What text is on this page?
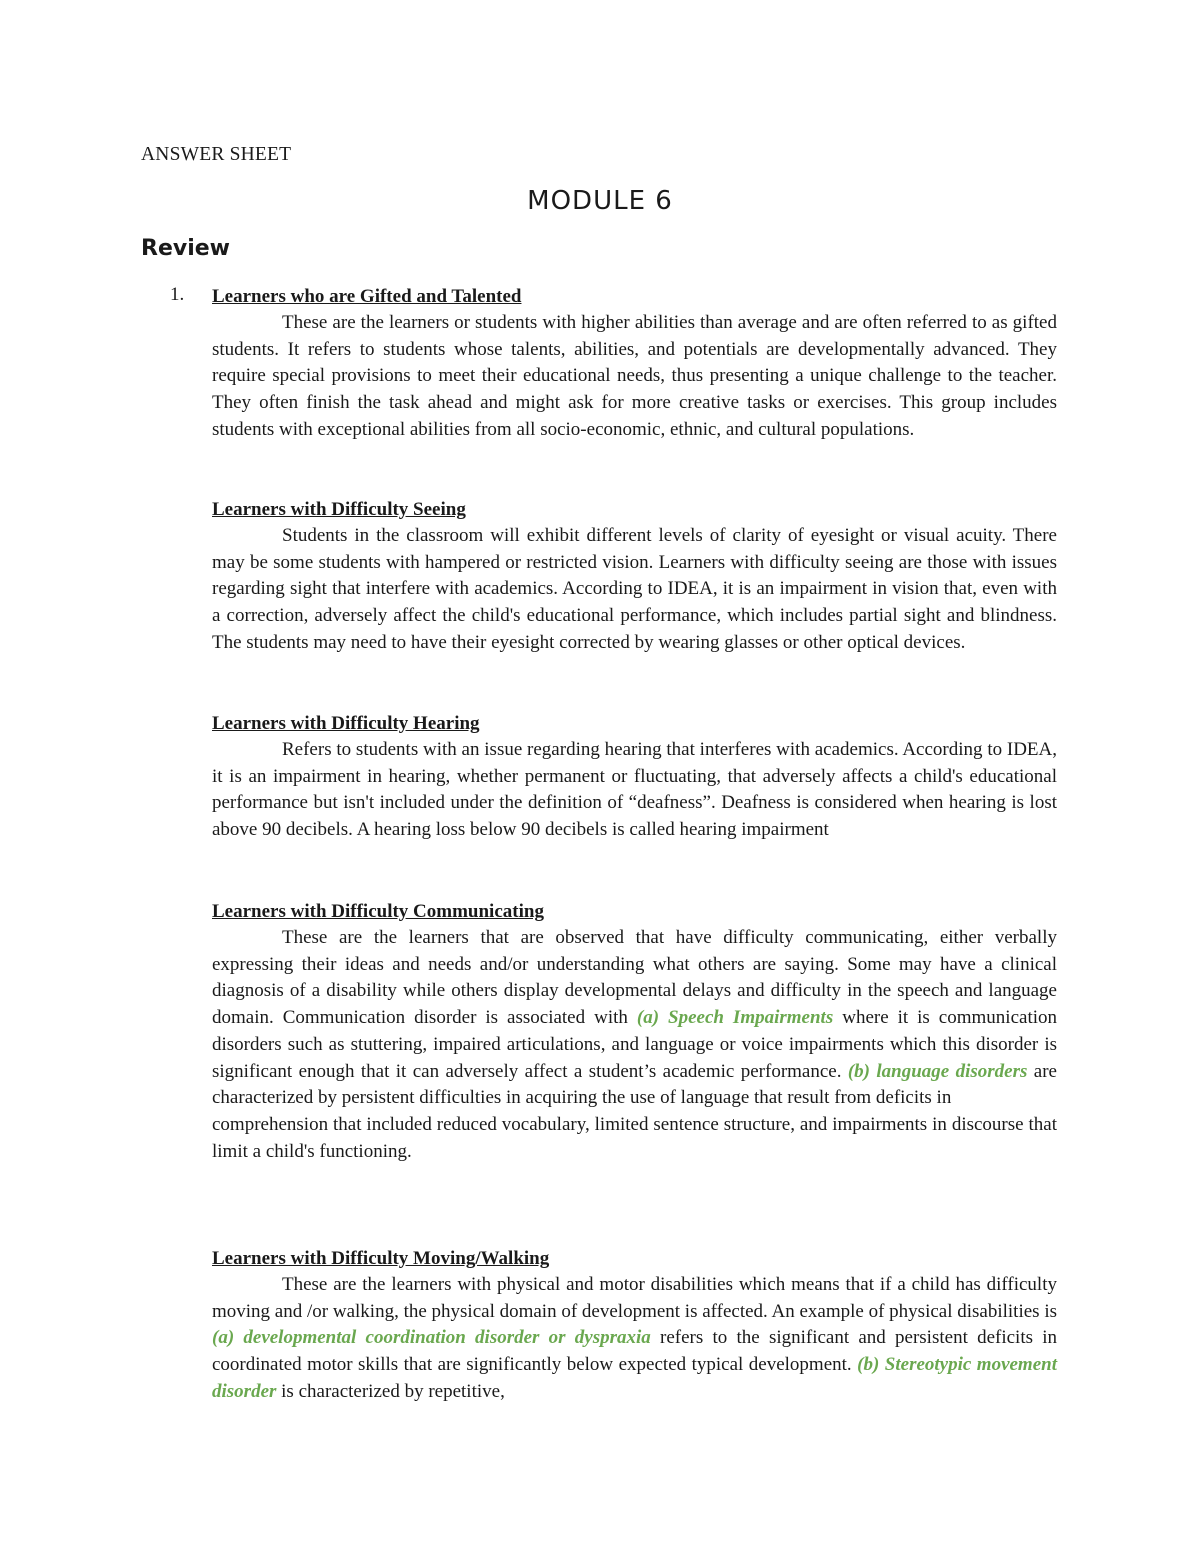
ANSWER SHEET
MODULE 6
Review
1. Learners who are Gifted and Talented

These are the learners or students with higher abilities than average and are often referred to as gifted students. It refers to students whose talents, abilities, and potentials are developmentally advanced. They require special provisions to meet their educational needs, thus presenting a unique challenge to the teacher. They often finish the task ahead and might ask for more creative tasks or exercises. This group includes students with exceptional abilities from all socio-economic, ethnic, and cultural populations.

Learners with Difficulty Seeing

Students in the classroom will exhibit different levels of clarity of eyesight or visual acuity. There may be some students with hampered or restricted vision. Learners with difficulty seeing are those with issues regarding sight that interfere with academics. According to IDEA, it is an impairment in vision that, even with a correction, adversely affect the child's educational performance, which includes partial sight and blindness. The students may need to have their eyesight corrected by wearing glasses or other optical devices.

Learners with Difficulty Hearing

Refers to students with an issue regarding hearing that interferes with academics. According to IDEA, it is an impairment in hearing, whether permanent or fluctuating, that adversely affects a child's educational performance but isn't included under the definition of “deafness”. Deafness is considered when hearing is lost above 90 decibels. A hearing loss below 90 decibels is called hearing impairment

Learners with Difficulty Communicating

These are the learners that are observed that have difficulty communicating, either verbally expressing their ideas and needs and/or understanding what others are saying. Some may have a clinical diagnosis of a disability while others display developmental delays and difficulty in the speech and language domain. Communication disorder is associated with (a) Speech Impairments where it is communication disorders such as stuttering, impaired articulations, and language or voice impairments which this disorder is significant enough that it can adversely affect a student’s academic performance. (b) language disorders are characterized by persistent difficulties in acquiring the use of language that result from deficits in

comprehension that included reduced vocabulary, limited sentence structure, and impairments in discourse that limit a child's functioning.

Learners with Difficulty Moving/Walking

These are the learners with physical and motor disabilities which means that if a child has difficulty moving and /or walking, the physical domain of development is affected. An example of physical disabilities is (a) developmental coordination disorder or dyspraxia refers to the significant and persistent deficits in coordinated motor skills that are significantly below expected typical development. (b) Stereotypic movement disorder is characterized by repetitive,
